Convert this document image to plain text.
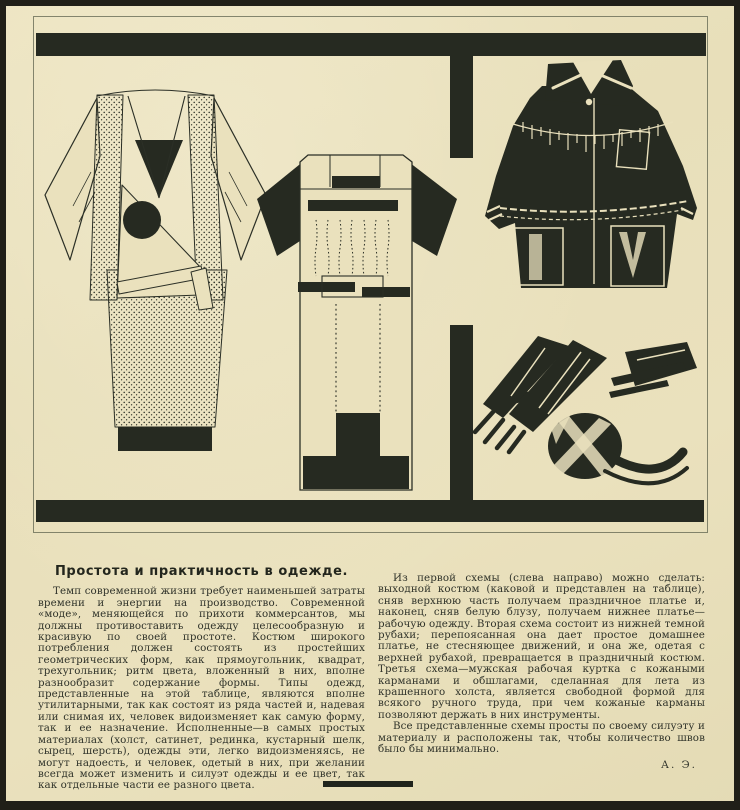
Простота и практичность в одежде.

Темп современной жизни требует наименьшей затраты времени и энергии на производство. Современной «моде», меняющейся по прихоти коммерсантов, мы должны противоставить одежду целесообразную и красивую по своей простоте. Костюм широкого потребления должен состоять из простейших геометрических форм, как прямоугольник, квадрат, трехугольник; ритм цвета, вложенный в них, вполне разнообразит содержание формы. Типы одежд, представленные на этой таблице, являются вполне утилитарными, так как состоят из ряда частей и, надевая или снимая их, человек видоизменяет как самую форму, так и ее назначение. Исполненные—в самых простых материалах (холст, сатинет, рединка, кустарный шелк, сырец, шерсть), одежды эти, легко видоизменяясь, не могут надоесть, и человек, одетый в них, при желании всегда может изменить и силуэт одежды и ее цвет, так как отдельные части ее разного цвета.

Из первой схемы (слева направо) можно сделать: выходной костюм (каковой и представлен на таблице), сняв верхнюю часть получаем праздничное платье и, наконец, сняв белую блузу, получаем нижнее платье—рабочую одежду. Вторая схема состоит из нижней темной рубахи; перепоясанная она дает простое домашнее платье, не стесняющее движений, и она же, одетая с верхней рубахой, превращается в праздничный костюм. Третья схема—мужская рабочая куртка с кожаными карманами и обшлагами, сделанная для лета из крашенного холста, является свободной формой для всякого ручного труда, при чем кожаные карманы позволяют держать в них инструменты.

Все представленные схемы просты по своему силуэту и материалу и расположены так, чтобы количество швов было бы минимально.

А. Э.
